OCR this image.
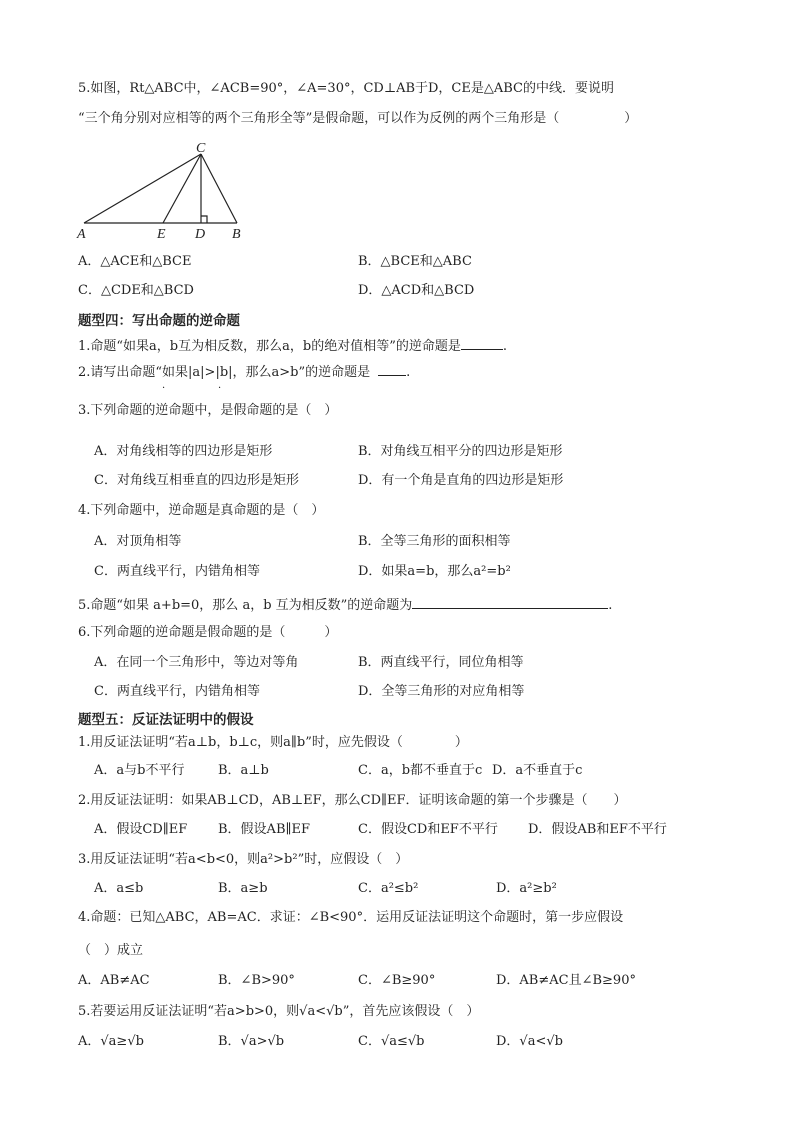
5.如图，Rt△ABC中，∠ACB=90°，∠A=30°，CD⊥AB于D，CE是△ABC的中线．要说明
“三个角分别对应相等的两个三角形全等”是假命题，可以作为反例的两个三角形是（　　　　　）
C
A	E D B
A．△ACE和△BCE	B．△BCE和△ABC
C．△CDE和△BCD	D．△ACD和△BCD
题型四：写出命题的逆命题
1.命题“如果a，b互为相反数，那么a，b的绝对值相等”的逆命题是	.
2.请写出命题“如果|a|>|b|，那么a>b”的逆命题是	.
·	·
3.下列命题的逆命题中，是假命题的是（　）
A．对角线相等的四边形是矩形	B．对角线互相平分的四边形是矩形
C．对角线互相垂直的四边形是矩形	D．有一个角是直角的四边形是矩形
4.下列命题中，逆命题是真命题的是（　）
A．对顶角相等	B．全等三角形的面积相等
C．两直线平行，内错角相等	D．如果a=b，那么a²=b²
5.命题“如果 a+b=0，那么 a，b 互为相反数”的逆命题为	.
6.下列命题的逆命题是假命题的是（　　　）
A．在同一个三角形中，等边对等角	B．两直线平行，同位角相等
C．两直线平行，内错角相等	D．全等三角形的对应角相等
题型五：反证法证明中的假设
1.用反证法证明“若a⊥b，b⊥c，则a∥b”时，应先假设（　　　　）
A．a与b不平行	B．a⊥b	C．a，b都不垂直于c D．a不垂直于c
2.用反证法证明：如果AB⊥CD，AB⊥EF，那么CD∥EF．证明该命题的第一个步骤是（　　）
A．假设CD∥EF B．假设AB∥EF	C．假设CD和EF不平行 D．假设AB和EF不平行
3.用反证法证明“若a<b<0，则a²>b²”时，应假设（　）
A．a≤b	B．a≥b	C．a²≤b²	D．a²≥b²
4.命题：已知△ABC，AB=AC．求证：∠B<90°．运用反证法证明这个命题时，第一步应假设
（　）成立
A．AB≠AC	B．∠B>90°	C．∠B≥90°	D．AB≠AC且∠B≥90°
5.若要运用反证法证明“若a>b>0，则√a<√b”，首先应该假设（　）
A．√a≥√b	B．√a>√b	C．√a≤√b	D．√a<√b
